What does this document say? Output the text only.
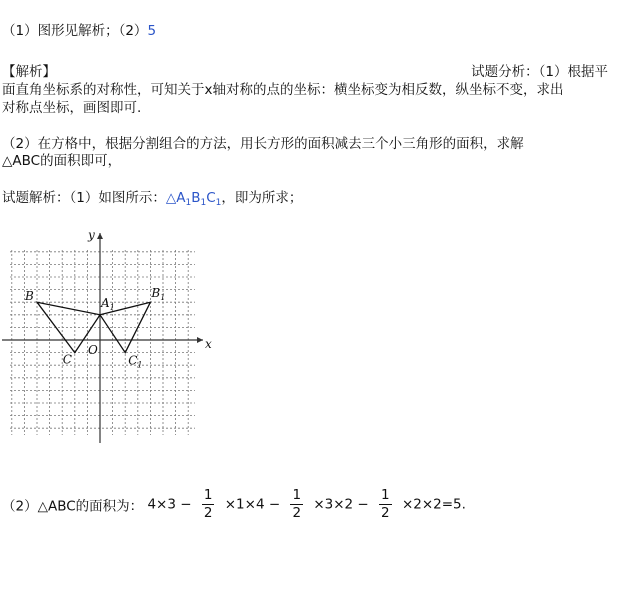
（1）图形见解析；（2）5
【解析】	试题分析：（1）根据平
面直角坐标系的对称性，可知关于x轴对称的点的坐标：横坐标变为相反数，纵坐标不变，求出
对称点坐标，画图即可.
（2）在方格中，根据分割组合的方法，用长方形的面积减去三个小三角形的面积，求解
△ABC的面积即可，
试题解析：（1）如图所示：$\triangle A_1B_1C_1$，即为所求；
x
y
O
B	$A_1$
C
$B_1$
$C_1$
（2）△ABC的面积为： $4\times 3 - \frac{1}{2} \times 1\times 4 - \frac{1}{2} \times 3\times 2 - \frac{1}{2} \times 2\times 2=5$.
